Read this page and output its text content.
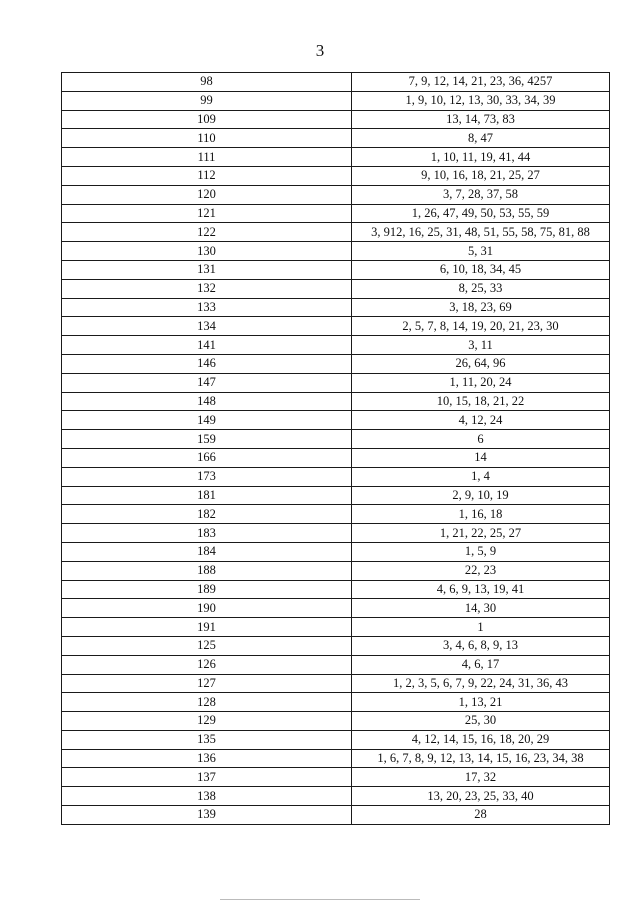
3
98	7, 9, 12, 14, 21, 23, 36, 4257
99	1, 9, 10, 12, 13, 30, 33, 34, 39
109	13, 14, 73, 83
110	8, 47
111	1, 10, 11, 19, 41, 44
112	9, 10, 16, 18, 21, 25, 27
120	3, 7, 28, 37, 58
121	1, 26, 47, 49, 50, 53, 55, 59
122	3, 912, 16, 25, 31, 48, 51, 55, 58, 75, 81, 88
130	5, 31
131	6, 10, 18, 34, 45
132	8, 25, 33
133	3, 18, 23, 69
134	2, 5, 7, 8, 14, 19, 20, 21, 23, 30
141	3, 11
146	26, 64, 96
147	1, 11, 20, 24
148	10, 15, 18, 21, 22
149	4, 12, 24
159	6
166	14
173	1, 4
181	2, 9, 10, 19
182	1, 16, 18
183	1, 21, 22, 25, 27
184	1, 5, 9
188	22, 23
189	4, 6, 9, 13, 19, 41
190	14, 30
191	1
125	3, 4, 6, 8, 9, 13
126	4, 6, 17
127	1, 2, 3, 5, 6, 7, 9, 22, 24, 31, 36, 43
128	1, 13, 21
129	25, 30
135	4, 12, 14, 15, 16, 18, 20, 29
136	1, 6, 7, 8, 9, 12, 13, 14, 15, 16, 23, 34, 38
137	17, 32
138	13, 20, 23, 25, 33, 40
139	28
